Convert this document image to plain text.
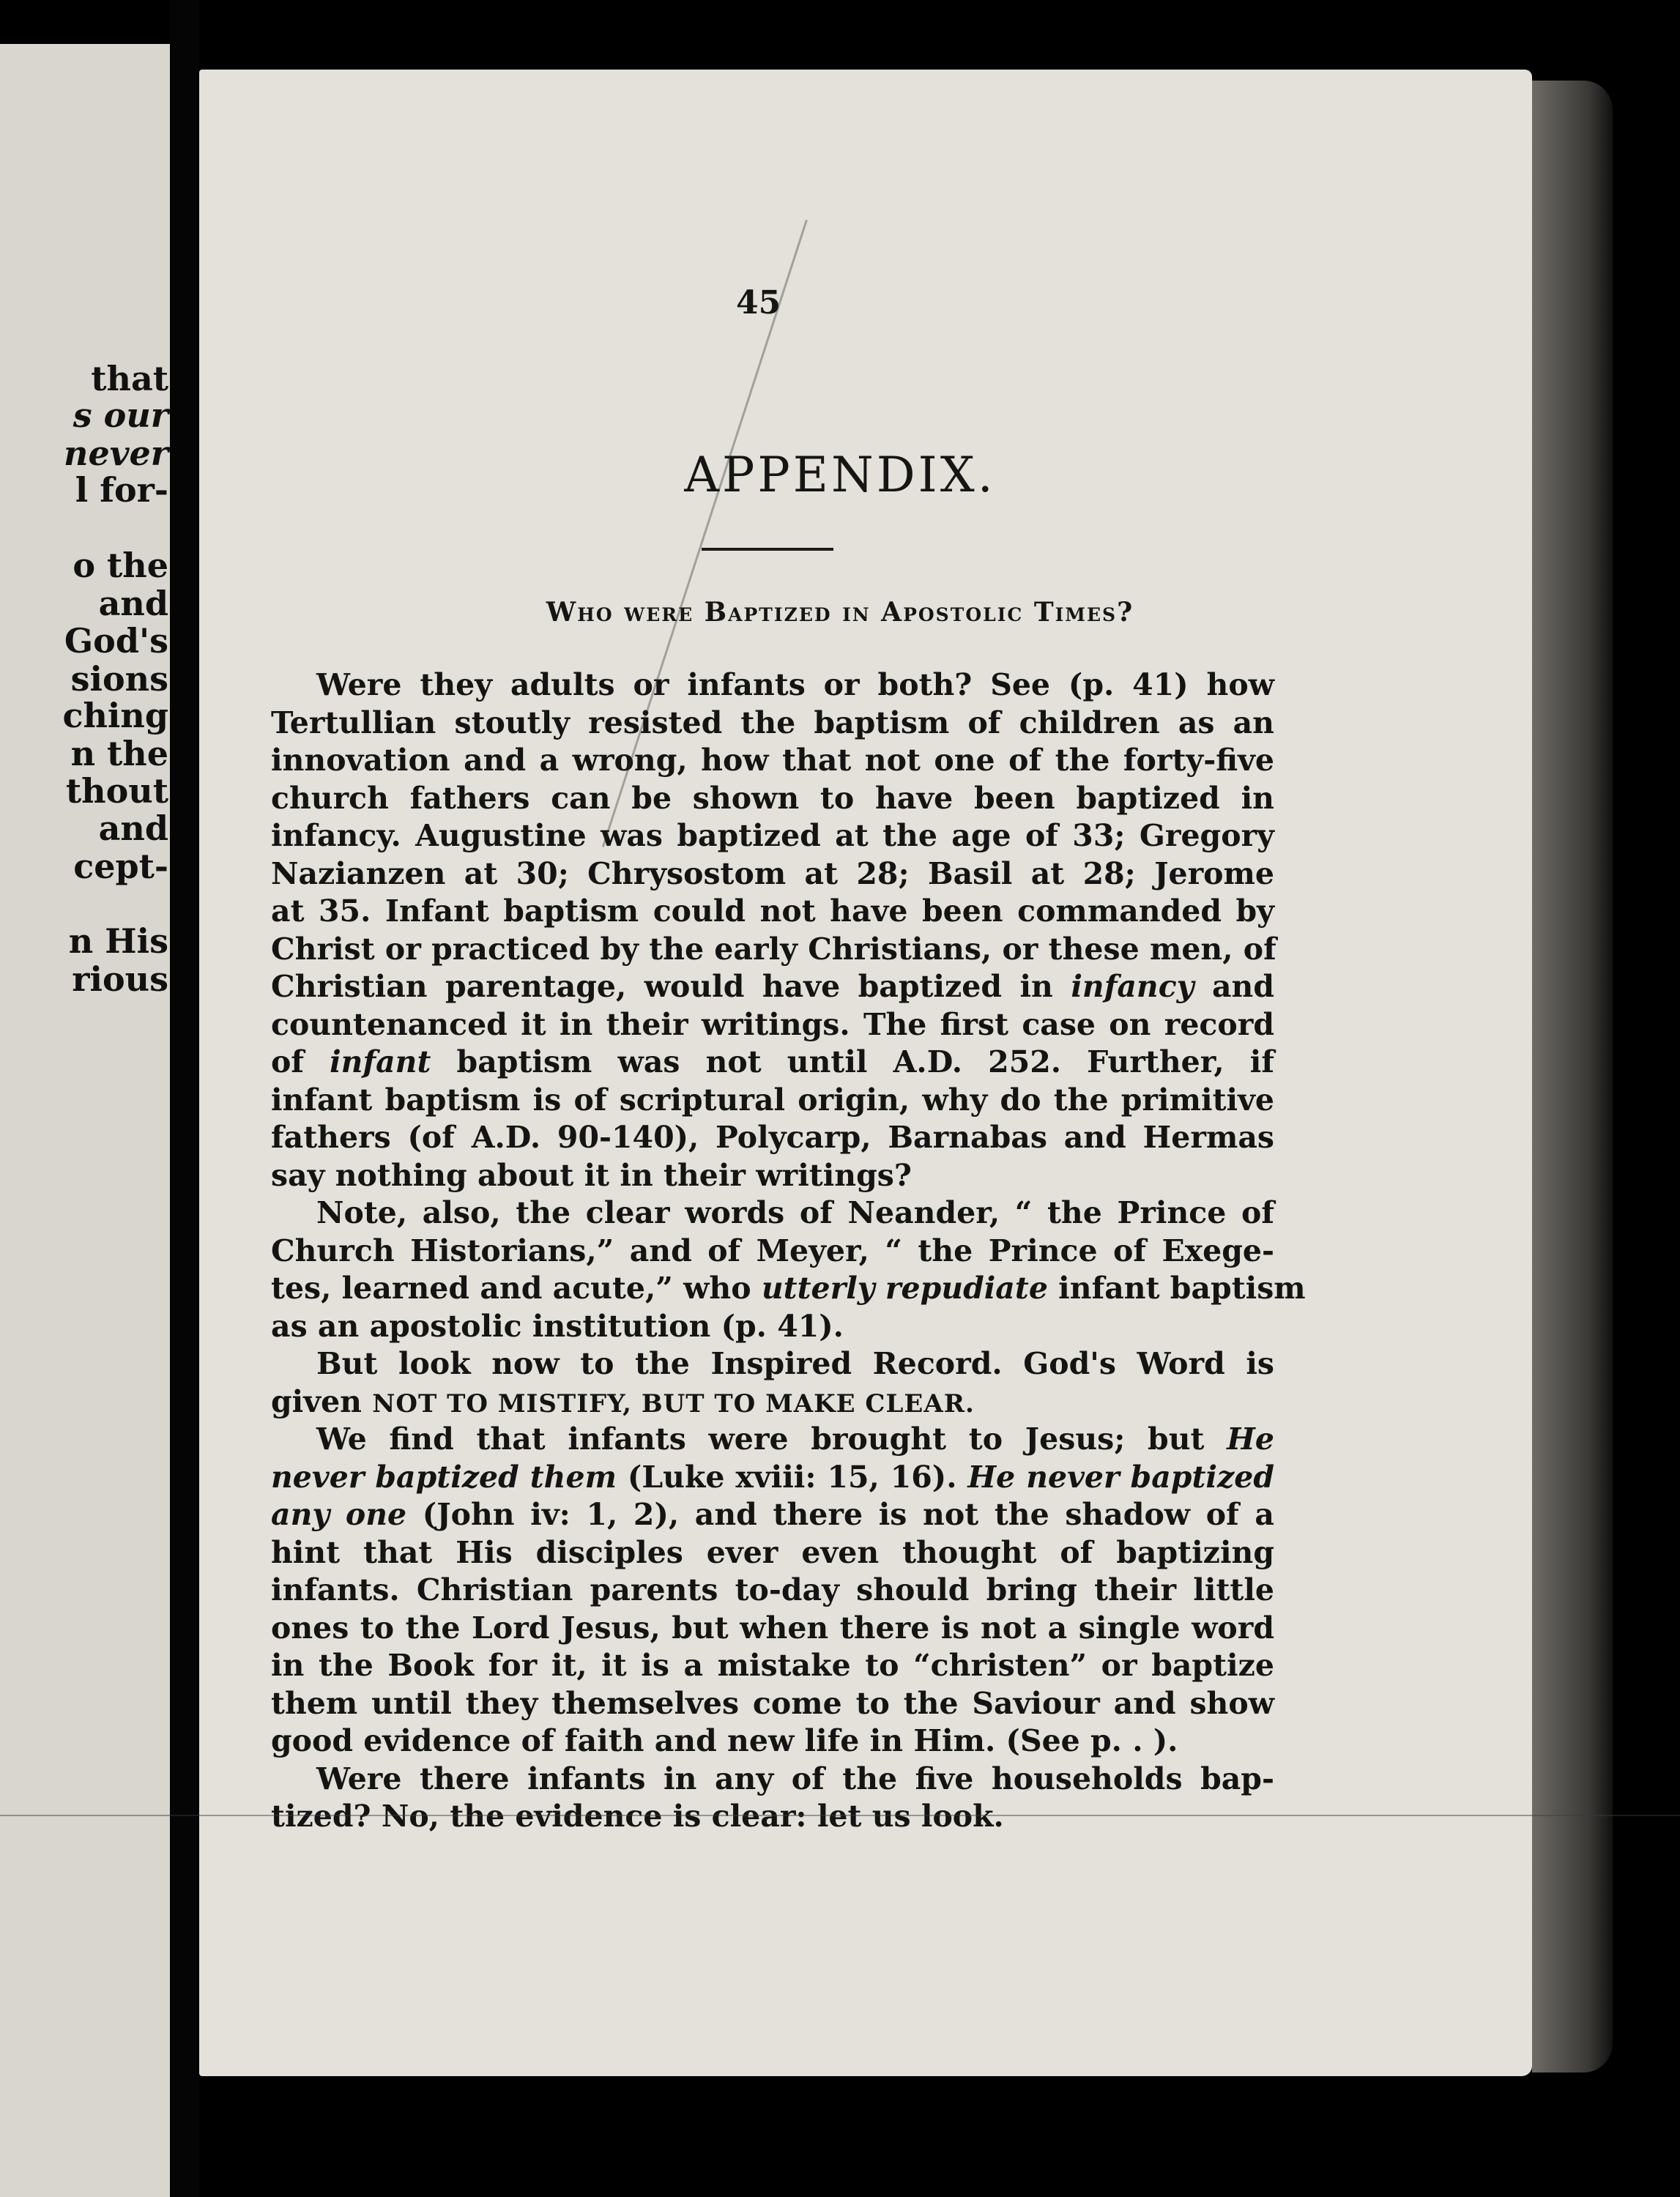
that
s our
never
l for-
o the
and
God's
sions
ching
n the
thout
and
cept-
n His
rious
45
APPENDIX.
Who were Baptized in Apostolic Times?
Were they adults or infants or both? See (p. 41) how
Tertullian stoutly resisted the baptism of children as an
innovation and a wrong, how that not one of the forty-five
church fathers can be shown to have been baptized in
infancy. Augustine was baptized at the age of 33; Gregory
Nazianzen at 30; Chrysostom at 28; Basil at 28; Jerome
at 35. Infant baptism could not have been commanded by
Christ or practiced by the early Christians, or these men, of
Christian parentage, would have baptized in infancy and
countenanced it in their writings. The first case on record
of infant baptism was not until A.D. 252. Further, if
infant baptism is of scriptural origin, why do the primitive
fathers (of A.D. 90-140), Polycarp, Barnabas and Hermas
say nothing about it in their writings?
Note, also, the clear words of Neander, “ the Prince of
Church Historians,” and of Meyer, “ the Prince of Exege-
tes, learned and acute,” who utterly repudiate infant baptism
as an apostolic institution (p. 41).
But look now to the Inspired Record. God's Word is
given NOT TO MISTIFY, BUT TO MAKE CLEAR.
We find that infants were brought to Jesus; but He
never baptized them (Luke xviii: 15, 16). He never baptized
any one (John iv: 1, 2), and there is not the shadow of a
hint that His disciples ever even thought of baptizing
infants. Christian parents to-day should bring their little
ones to the Lord Jesus, but when there is not a single word
in the Book for it, it is a mistake to “christen” or baptize
them until they themselves come to the Saviour and show
good evidence of faith and new life in Him. (See p. . ).
Were there infants in any of the five households bap-
tized? No, the evidence is clear: let us look.
